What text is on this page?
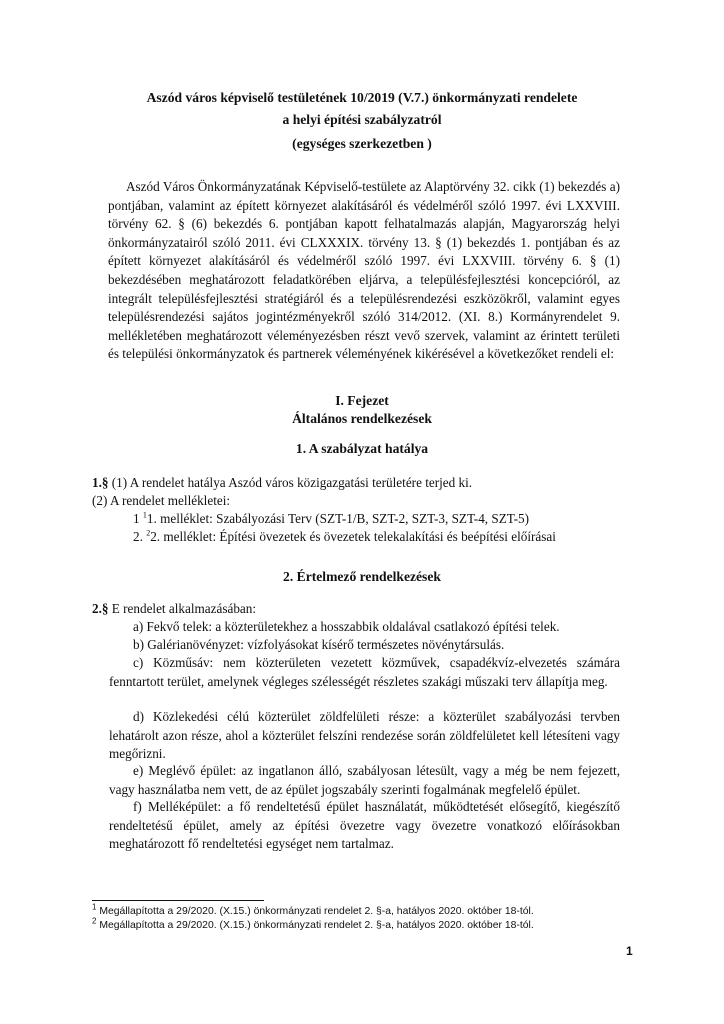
Aszód város képviselő testületének 10/2019 (V.7.) önkormányzati rendelete
a helyi építési szabályzatról
(egységes szerkezetben )

Aszód Város Önkormányzatának Képviselő-testülete az Alaptörvény 32. cikk (1) bekezdés a) pontjában, valamint az épített környezet alakításáról és védelméről szóló 1997. évi LXXVIII. törvény 62. § (6) bekezdés 6. pontjában kapott felhatalmazás alapján, Magyarország helyi önkormányzatairól szóló 2011. évi CLXXXIX. törvény 13. § (1) bekezdés 1. pontjában és az épített környezet alakításáról és védelméről szóló 1997. évi LXXVIII. törvény 6. § (1) bekezdésében meghatározott feladatkörében eljárva, a településfejlesztési koncepcióról, az integrált településfejlesztési stratégiáról és a településrendezési eszközökről, valamint egyes településrendezési sajátos jogintézményekről szóló 314/2012. (XI. 8.) Kormányrendelet 9. mellékletében meghatározott véleményezésben részt vevő szervek, valamint az érintett területi és települési önkormányzatok és partnerek véleményének kikérésével a következőket rendeli el:

I. Fejezet
Általános rendelkezések
1. A szabályzat hatálya
1.§ (1) A rendelet hatálya Aszód város közigazgatási területére terjed ki.
(2) A rendelet mellékletei:
1 $^1$1. melléklet: Szabályozási Terv (SZT-1/B, SZT-2, SZT-3, SZT-4, SZT-5)
2. $^2$2. melléklet: Építési övezetek és övezetek telekalakítási és beépítési előírásai
2. Értelmező rendelkezések
2.§ E rendelet alkalmazásában:

a) Fekvő telek: a közterületekhez a hosszabbik oldalával csatlakozó építési telek.

b) Galérianövényzet: vízfolyásokat kísérő természetes növénytársulás.

c) Közműsáv: nem közterületen vezetett közművek, csapadékvíz-elvezetés számára fenntartott terület, amelynek végleges szélességét részletes szakági műszaki terv állapítja meg.

d) Közlekedési célú közterület zöldfelületi része: a közterület szabályozási tervben lehatárolt azon része, ahol a közterület felszíni rendezése során zöldfelületet kell létesíteni vagy megőrizni.

e) Meglévő épület: az ingatlanon álló, szabályosan létesült, vagy a még be nem fejezett, vagy használatba nem vett, de az épület jogszabály szerinti fogalmának megfelelő épület.

f) Melléképület: a fő rendeltetésű épület használatát, működtetését elősegítő, kiegészítő rendeltetésű épület, amely az építési övezetre vagy övezetre vonatkozó előírásokban meghatározott fő rendeltetési egységet nem tartalmaz.

$^1$ Megállapította a 29/2020. (X.15.) önkormányzati rendelet 2. §-a, hatályos 2020. október 18-tól.
$^2$ Megállapította a 29/2020. (X.15.) önkormányzati rendelet 2. §-a, hatályos 2020. október 18-tól.
1
